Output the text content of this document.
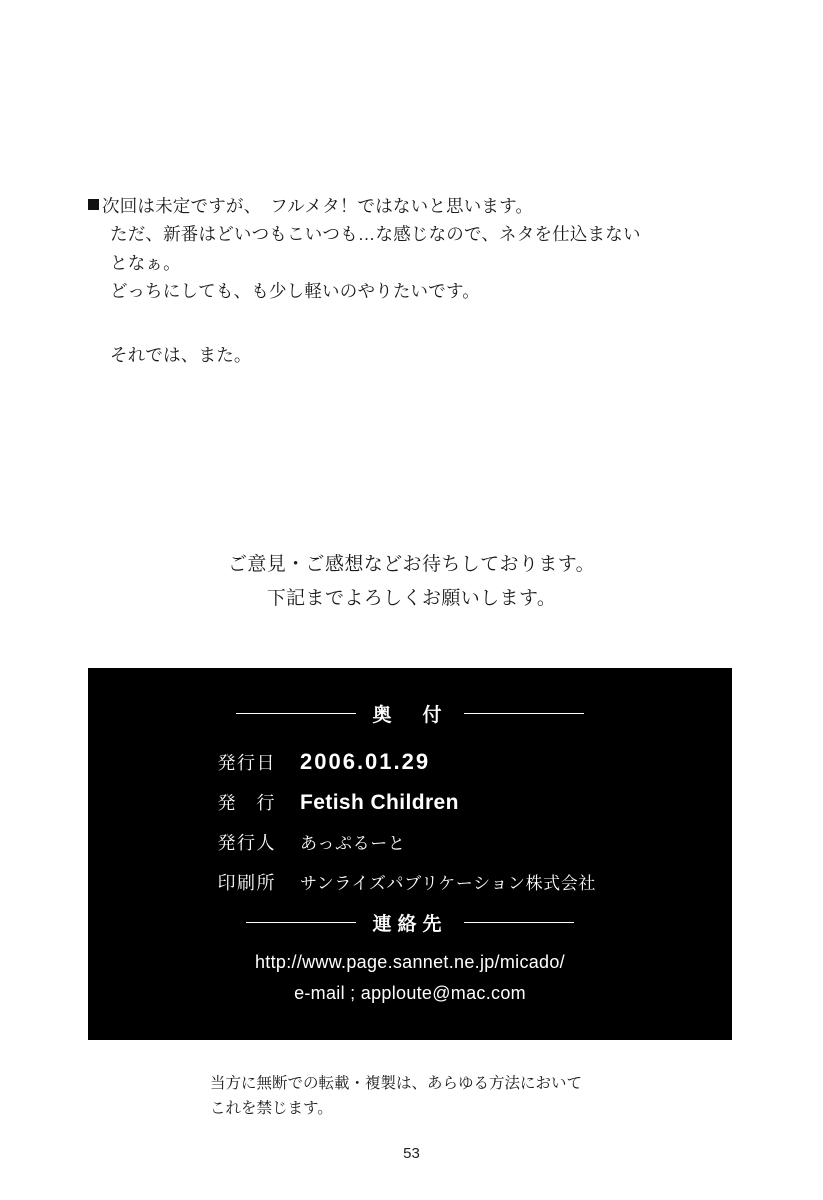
次回は未定ですが、　フルメタ！ではないと思います。
ただ、新番はどいつもこいつも…な感じなので、ネタを仕込まない
となぁ。
どっちにしても、も少し軽いのやりたいです。
それでは、また。
ご意見・ご感想などお待ちしております。
下記までよろしくお願いします。
奥　付
発行日	2006.01.29
発　行	Fetish Children
発行人	あっぷるーと
印刷所	サンライズパブリケーション株式会社
連絡先
http://www.page.sannet.ne.jp/micado/
e-mail ; apploute@mac.com
当方に無断での転載・複製は、あらゆる方法において
これを禁じます。
53
